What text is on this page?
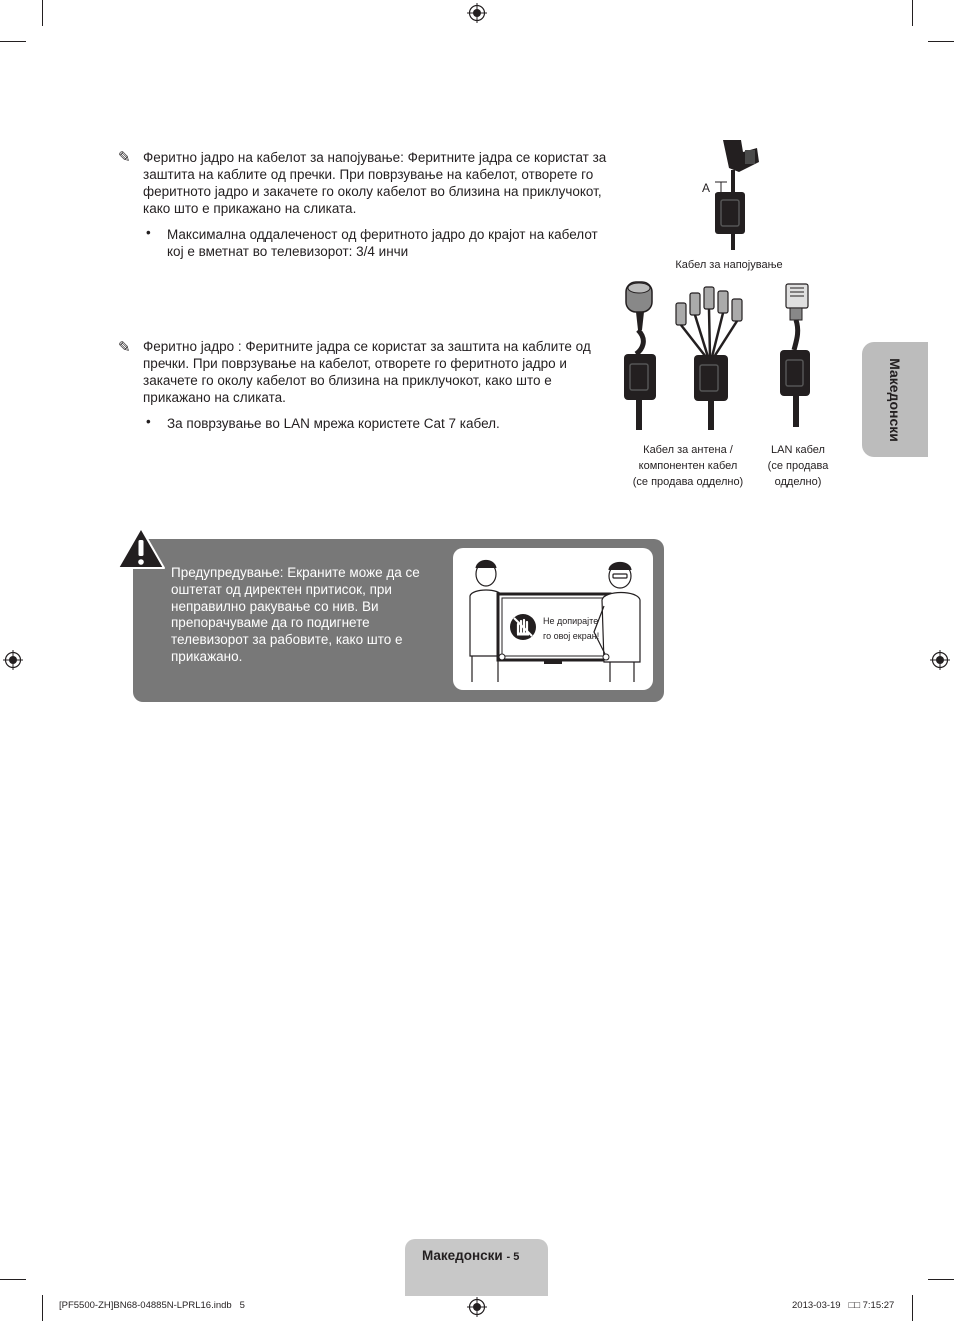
✎ Феритно јадро на кабелот за напојување: Феритните јадра се користат за заштита на каблите од пречки. При поврзување на кабелот, отворете го феритното јадро и закачете го околу кабелот во близина на приклучокот, како што е прикажано на сликата.
• Максимална оддалеченост од феритното јадро до крајот на кабелот кој е вметнат во телевизорот: 3/4 инчи
A
Кабел за напојување
✎ Феритно јадро : Феритните јадра се користат за заштита на каблите од пречки. При поврзување на кабелот, отворете го феритното јадро и закачете го околу кабелот во близина на приклучокот, како што е прикажано на сликата.
• За поврзување во LAN мрежа користете Cat 7 кабел.
Кабел за антена /
компонентен кабел
(се продава одделно)
LAN кабел
(се продава
одделно)
Македонски
Предупредување: Екраните може да се оштетат од директен притисок, при неправилно ракување со нив. Ви препорачуваме да го подигнете телевизорот за рабовите, како што е прикажано.
Не допирајте
го овој екран!
Македонски - 5
[PF5500-ZH]BN68-04885N-LPRL16.indb   5	2013-03-19   □□ 7:15:27
